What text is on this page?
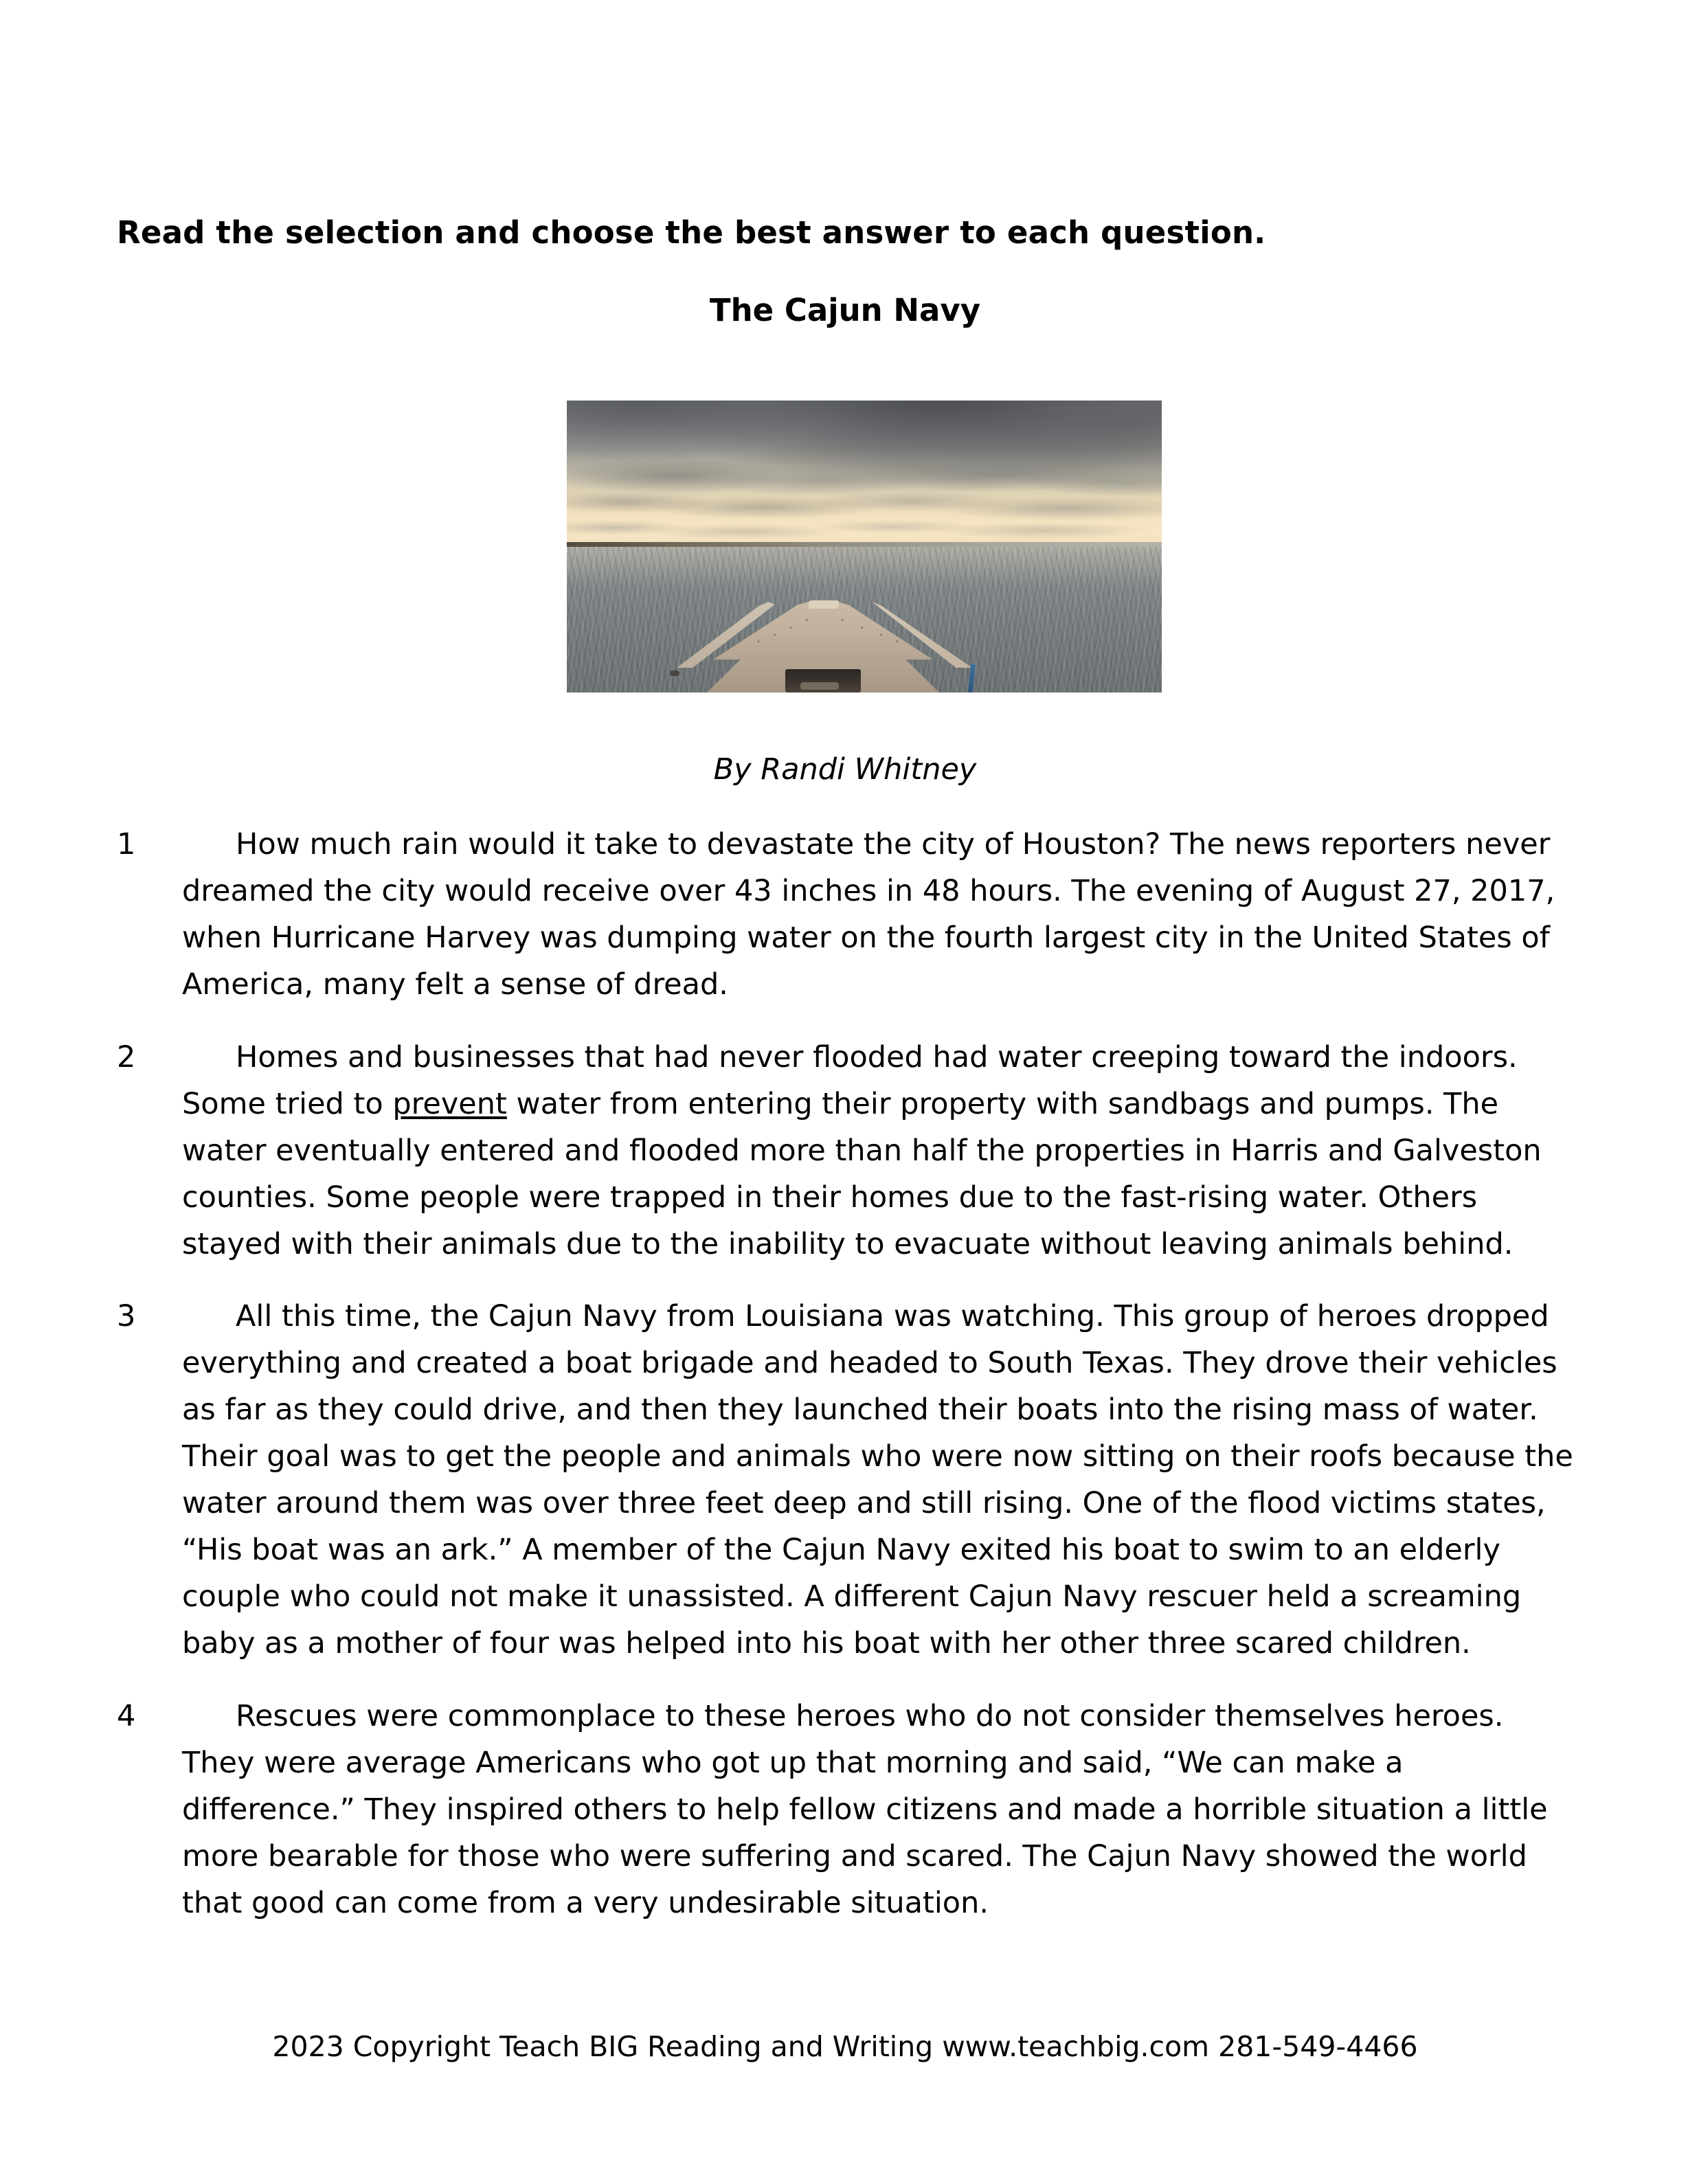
Read the selection and choose the best answer to each question.
The Cajun Navy
By Randi Whitney
1	How much rain would it take to devastate the city of Houston? The news reporters never dreamed the city would receive over 43 inches in 48 hours. The evening of August 27, 2017, when Hurricane Harvey was dumping water on the fourth largest city in the United States of America, many felt a sense of dread.
2	Homes and businesses that had never flooded had water creeping toward the indoors. Some tried to prevent water from entering their property with sandbags and pumps. The water eventually entered and flooded more than half the properties in Harris and Galveston counties. Some people were trapped in their homes due to the fast-rising water. Others stayed with their animals due to the inability to evacuate without leaving animals behind.
3	All this time, the Cajun Navy from Louisiana was watching. This group of heroes dropped everything and created a boat brigade and headed to South Texas. They drove their vehicles as far as they could drive, and then they launched their boats into the rising mass of water. Their goal was to get the people and animals who were now sitting on their roofs because the water around them was over three feet deep and still rising. One of the flood victims states, “His boat was an ark.” A member of the Cajun Navy exited his boat to swim to an elderly couple who could not make it unassisted. A different Cajun Navy rescuer held a screaming baby as a mother of four was helped into his boat with her other three scared children.
4	Rescues were commonplace to these heroes who do not consider themselves heroes. They were average Americans who got up that morning and said, “We can make a difference.” They inspired others to help fellow citizens and made a horrible situation a little more bearable for those who were suffering and scared. The Cajun Navy showed the world that good can come from a very undesirable situation.
2023 Copyright Teach BIG Reading and Writing www.teachbig.com 281-549-4466
